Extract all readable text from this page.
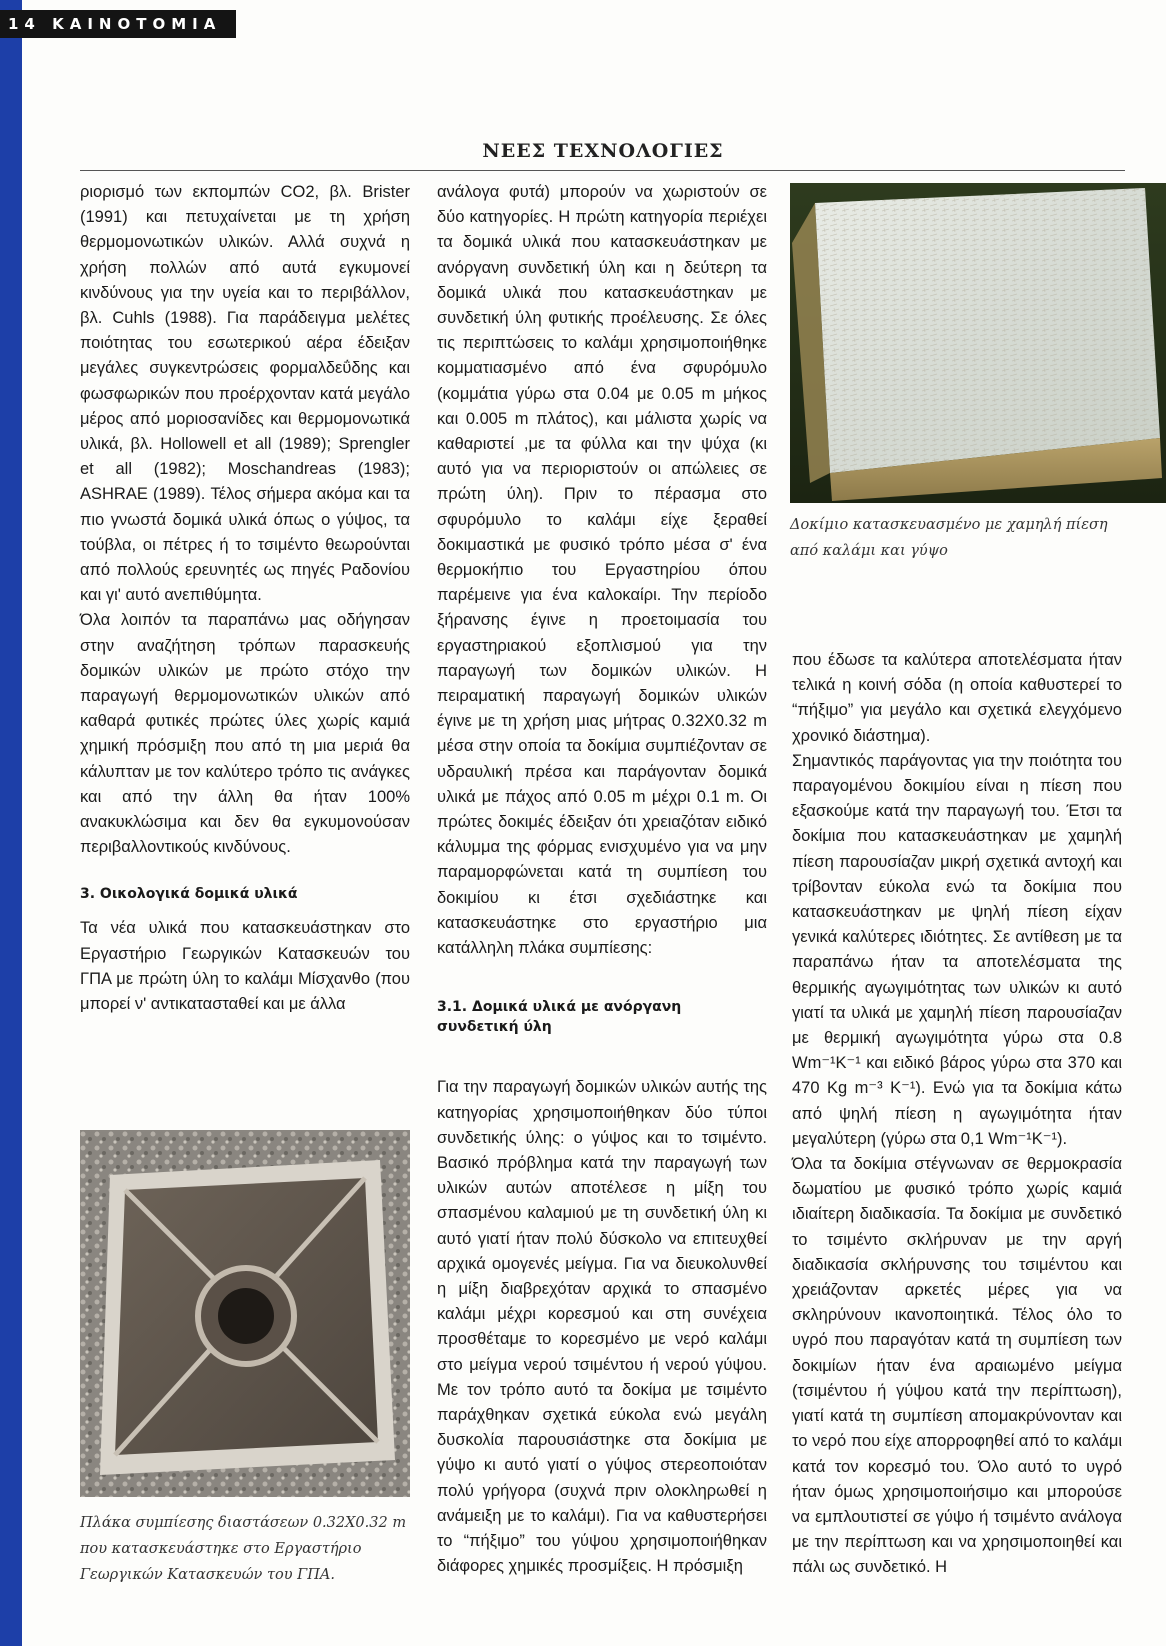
14 ΚΑΙΝΟΤΟΜΙΑ
ΝΕΕΣ ΤΕΧΝΟΛΟΓΙΕΣ

ριορισμό των εκπομπών CO2, βλ. Brister (1991) και πετυχαίνεται με τη χρήση θερμομονωτικών υλικών. Αλλά συχνά η χρήση πολλών από αυτά εγκυμονεί κινδύνους για την υγεία και το περιβάλλον, βλ. Cuhls (1988). Για παράδειγμα μελέτες ποιότητας του εσωτερικού αέρα έδειξαν μεγάλες συγκεντρώσεις φορμαλδεΰδης και φωσφωρικών που προέρχονταν κατά μεγάλο μέρος από μοριοσανίδες και θερμομονωτικά υλικά, βλ. Hollowell et all (1989); Sprengler et all (1982); Moschandreas (1983); ASHRAE (1989). Τέλος σήμερα ακόμα και τα πιο γνωστά δομικά υλικά όπως ο γύψος, τα τούβλα, οι πέτρες ή το τσιμέντο θεωρούνται από πολλούς ερευνητές ως πηγές Ραδονίου και γι' αυτό ανεπιθύμητα.

Όλα λοιπόν τα παραπάνω μας οδήγησαν στην αναζήτηση τρόπων παρασκευής δομικών υλικών με πρώτο στόχο την παραγωγή θερμομονωτικών υλικών από καθαρά φυτικές πρώτες ύλες χωρίς καμιά χημική πρόσμιξη που από τη μια μεριά θα κάλυπταν με τον καλύτερο τρόπο τις ανάγκες και από την άλλη θα ήταν 100% ανακυκλώσιμα και δεν θα εγκυμονούσαν περιβαλλοντικούς κινδύνους.

3. Οικολογικά δομικά υλικά

Τα νέα υλικά που κατασκευάστηκαν στο Εργαστήριο Γεωργικών Κατασκευών του ΓΠΑ με πρώτη ύλη το καλάμι Μίσχανθο (που μπορεί ν' αντικατασταθεί και με άλλα

ανάλογα φυτά) μπορούν να χωριστούν σε δύο κατηγορίες. Η πρώτη κατηγορία περιέχει τα δομικά υλικά που κατασκευάστηκαν με ανόργανη συνδετική ύλη και η δεύτερη τα δομικά υλικά που κατασκευάστηκαν με συνδετική ύλη φυτικής προέλευσης. Σε όλες τις περιπτώσεις το καλάμι χρησιμοποιήθηκε κομματιασμένο από ένα σφυρόμυλο (κομμάτια γύρω στα 0.04 με 0.05 m μήκος και 0.005 m πλάτος), και μάλιστα χωρίς να καθαριστεί ,με τα φύλλα και την ψύχα (κι αυτό για να περιοριστούν οι απώλειες σε πρώτη ύλη). Πριν το πέρασμα στο σφυρόμυλο το καλάμι είχε ξεραθεί δοκιμαστικά με φυσικό τρόπο μέσα σ' ένα θερμοκήπιο του Εργαστηρίου όπου παρέμεινε για ένα καλοκαίρι. Την περίοδο ξήρανσης έγινε η προετοιμασία του εργαστηριακού εξοπλισμού για την παραγωγή των δομικών υλικών. Η πειραματική παραγωγή δομικών υλικών έγινε με τη χρήση μιας μήτρας 0.32Χ0.32 m μέσα στην οποία τα δοκίμια συμπιέζονταν σε υδραυλική πρέσα και παράγονταν δομικά υλικά με πάχος από 0.05 m μέχρι 0.1 m. Οι πρώτες δοκιμές έδειξαν ότι χρειαζόταν ειδικό κάλυμμα της φόρμας ενισχυμένο για να μην παραμορφώνεται κατά τη συμπίεση του δοκιμίου κι έτσι σχεδιάστηκε και κατασκευάστηκε στο εργαστήριο μια κατάλληλη πλάκα συμπίεσης:

3.1. Δομικά υλικά με ανόργανη συνδετική ύλη

Για την παραγωγή δομικών υλικών αυτής της κατηγορίας χρησιμοποιήθηκαν δύο τύποι συνδετικής ύλης: ο γύψος και το τσιμέντο. Βασικό πρόβλημα κατά την παραγωγή των υλικών αυτών αποτέλεσε η μίξη του σπασμένου καλαμιού με τη συνδετική ύλη κι αυτό γιατί ήταν πολύ δύσκολο να επιτευχθεί αρχικά ομογενές μείγμα. Για να διευκολυνθεί η μίξη διαβρεχόταν αρχικά το σπασμένο καλάμι μέχρι κορεσμού και στη συνέχεια προσθέταμε το κορεσμένο με νερό καλάμι στο μείγμα νερού τσιμέντου ή νερού γύψου. Με τον τρόπο αυτό τα δοκίμα με τσιμέντο παράχθηκαν σχετικά εύκολα ενώ μεγάλη δυσκολία παρουσιάστηκε στα δοκίμια με γύψο κι αυτό γιατί ο γύψος στερεοποιόταν πολύ γρήγορα (συχνά πριν ολοκληρωθεί η ανάμειξη με το καλάμι). Για να καθυστερήσει το “πήξιμο” του γύψου χρησιμοποιήθηκαν διάφορες χημικές προσμίξεις. Η πρόσμιξη

Δοκίμιο κατασκευασμένο με χαμηλή πίεση από καλάμι και γύψο

που έδωσε τα καλύτερα αποτελέσματα ήταν τελικά η κοινή σόδα (η οποία καθυστερεί το “πήξιμο” για μεγάλο και σχετικά ελεγχόμενο χρονικό διάστημα).

Σημαντικός παράγοντας για την ποιότητα του παραγομένου δοκιμίου είναι η πίεση που εξασκούμε κατά την παραγωγή του. Έτσι τα δοκίμια που κατασκευάστηκαν με χαμηλή πίεση παρουσίαζαν μικρή σχετικά αντοχή και τρίβονταν εύκολα ενώ τα δοκίμια που κατασκευάστηκαν με ψηλή πίεση είχαν γενικά καλύτερες ιδιότητες. Σε αντίθεση με τα παραπάνω ήταν τα αποτελέσματα της θερμικής αγωγιμότητας των υλικών κι αυτό γιατί τα υλικά με χαμηλή πίεση παρουσίαζαν με θερμική αγωγιμότητα γύρω στα 0.8 Wm⁻¹K⁻¹ και ειδικό βάρος γύρω στα 370 και 470 Kg m⁻³ K⁻¹). Ενώ για τα δοκίμια κάτω από ψηλή πίεση η αγωγιμότητα ήταν μεγαλύτερη (γύρω στα 0,1 Wm⁻¹K⁻¹).

Όλα τα δοκίμια στέγνωναν σε θερμοκρασία δωματίου με φυσικό τρόπο χωρίς καμιά ιδιαίτερη διαδικασία. Τα δοκίμια με συνδετικό το τσιμέντο σκλήρυναν με την αργή διαδικασία σκλήρυνσης του τσιμέντου και χρειάζονταν αρκετές μέρες για να σκληρύνουν ικανοποιητικά. Τέλος όλο το υγρό που παραγόταν κατά τη συμπίεση των δοκιμίων ήταν ένα αραιωμένο μείγμα (τσιμέντου ή γύψου κατά την περίπτωση), γιατί κατά τη συμπίεση απομακρύνονταν και το νερό που είχε απορροφηθεί από το καλάμι κατά τον κορεσμό του. Όλο αυτό το υγρό ήταν όμως χρησιμοποιήσιμο και μπορούσε να εμπλουτιστεί σε γύψο ή τσιμέντο ανάλογα με την περίπτωση και να χρησιμοποιηθεί και πάλι ως συνδετικό. Η

Πλάκα συμπίεσης διαστάσεων 0.32Χ0.32 m που κατασκευάστηκε στο Εργαστήριο Γεωργικών Κατασκευών του ΓΠΑ.
